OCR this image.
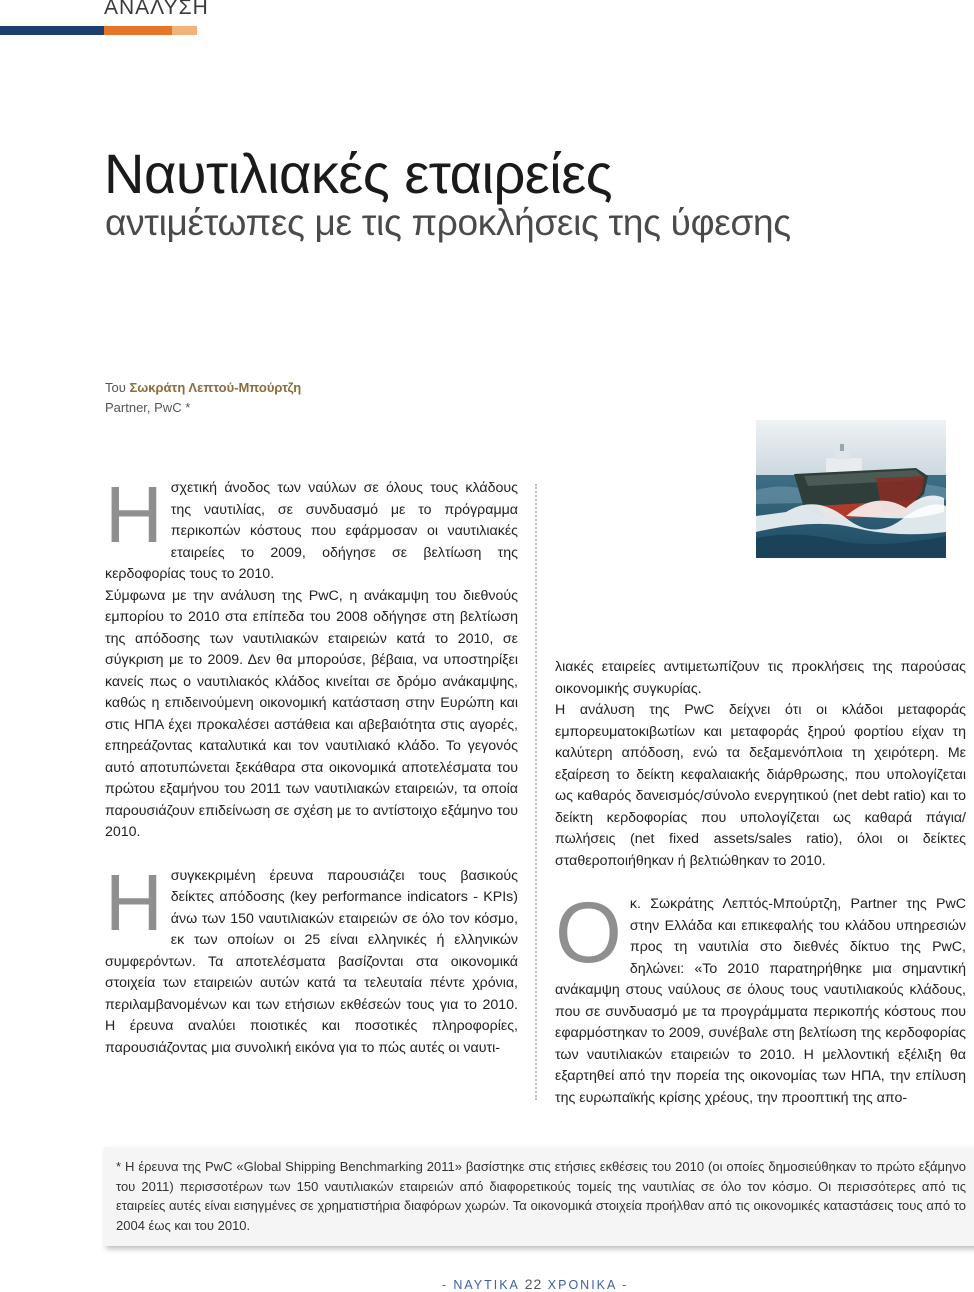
ΑΝΑΛΥΣΗ
Ναυτιλιακές εταιρείες
αντιμέτωπες με τις προκλήσεις της ύφεσης
Του Σωκράτη Λεπτού-Μπούρτζη
Partner, PwC *

Ησχετική άνοδος των ναύλων σε όλους τους κλάδους της ναυτιλίας, σε συνδυασμό με το πρόγραμμα περικοπών κόστους που εφάρμοσαν οι ναυτιλιακές εταιρείες το 2009, οδήγησε σε βελτίωση της κερδοφορίας τους το 2010.

Σύμφωνα με την ανάλυση της PwC, η ανάκαμψη του διεθνούς εμπορίου το 2010 στα επίπεδα του 2008 οδήγησε στη βελτίωση της απόδοσης των ναυτιλιακών εταιρειών κατά το 2010, σε σύγκριση με το 2009. Δεν θα μπορούσε, βέβαια, να υποστηρίξει κανείς πως ο ναυτιλιακός κλάδος κινείται σε δρόμο ανάκαμψης, καθώς η επιδεινούμενη οικονομική κατάσταση στην Ευρώπη και στις ΗΠΑ έχει προκαλέσει αστάθεια και αβεβαιότητα στις αγορές, επηρεάζοντας καταλυτικά και τον ναυτιλιακό κλάδο. Το γεγονός αυτό αποτυπώνεται ξεκάθαρα στα οικονομικά αποτελέσματα του πρώτου εξαμήνου του 2011 των ναυτιλιακών εταιρειών, τα οποία παρουσιάζουν επιδείνωση σε σχέση με το αντίστοιχο εξάμηνο του 2010.

Ησυγκεκριμένη έρευνα παρουσιάζει τους βασικούς δείκτες απόδοσης (key performance indicators - KPIs) άνω των 150 ναυτιλιακών εταιρειών σε όλο τον κόσμο, εκ των οποίων οι 25 είναι ελληνικές ή ελληνικών συμφερόντων. Τα αποτελέσματα βασίζονται στα οικονομικά στοιχεία των εταιρειών αυτών κατά τα τελευταία πέντε χρόνια, περιλαμβανομένων και των ετήσιων εκθέσεών τους για το 2010. Η έρευνα αναλύει ποιοτικές και ποσοτικές πληροφορίες, παρουσιάζοντας μια συνολική εικόνα για το πώς αυτές οι ναυτι-

λιακές εταιρείες αντιμετωπίζουν τις προκλήσεις της παρούσας οικονομικής συγκυρίας.

Η ανάλυση της PwC δείχνει ότι οι κλάδοι μεταφοράς εμπορευματοκιβωτίων και μεταφοράς ξηρού φορτίου είχαν τη καλύτερη απόδοση, ενώ τα δεξαμενόπλοια τη χειρότερη. Με εξαίρεση το δείκτη κεφαλαιακής διάρθρωσης, που υπολογίζεται ως καθαρός δανεισμός/σύνολο ενεργητικού (net debt ratio) και το δείκτη κερδοφορίας που υπολογίζεται ως καθαρά πάγια/πωλήσεις (net fixed assets/sales ratio), όλοι οι δείκτες σταθεροποιήθηκαν ή βελτιώθηκαν το 2010.

Οκ. Σωκράτης Λεπτός-Μπούρτζη, Partner της PwC στην Ελλάδα και επικεφαλής του κλάδου υπηρεσιών προς τη ναυτιλία στο διεθνές δίκτυο της PwC, δηλώνει: «Το 2010 παρατηρήθηκε μια σημαντική ανάκαμψη στους ναύλους σε όλους τους ναυτιλιακούς κλάδους, που σε συνδυασμό με τα προγράμματα περικοπής κόστους που εφαρμόστηκαν το 2009, συνέβαλε στη βελτίωση της κερδοφορίας των ναυτιλιακών εταιρειών το 2010. Η μελλοντική εξέλιξη θα εξαρτηθεί από την πορεία της οικονομίας των ΗΠΑ, την επίλυση της ευρωπαϊκής κρίσης χρέους, την προοπτική της απο-

* Η έρευνα της PwC «Global Shipping Benchmarking 2011» βασίστηκε στις ετήσιες εκθέσεις του 2010 (οι οποίες δημοσιεύθηκαν το πρώτο εξάμηνο του 2011) περισσοτέρων των 150 ναυτιλιακών εταιρειών από διαφορετικούς τομείς της ναυτιλίας σε όλο τον κόσμο. Οι περισσότερες από τις εταιρείες αυτές είναι εισηγμένες σε χρηματιστήρια διαφόρων χωρών. Τα οικονομικά στοιχεία προήλθαν από τις οικονομικές καταστάσεις τους από το 2004 έως και του 2010.
- ΝΑΥΤΙΚΑ 22 ΧΡΟΝΙΚΑ -
